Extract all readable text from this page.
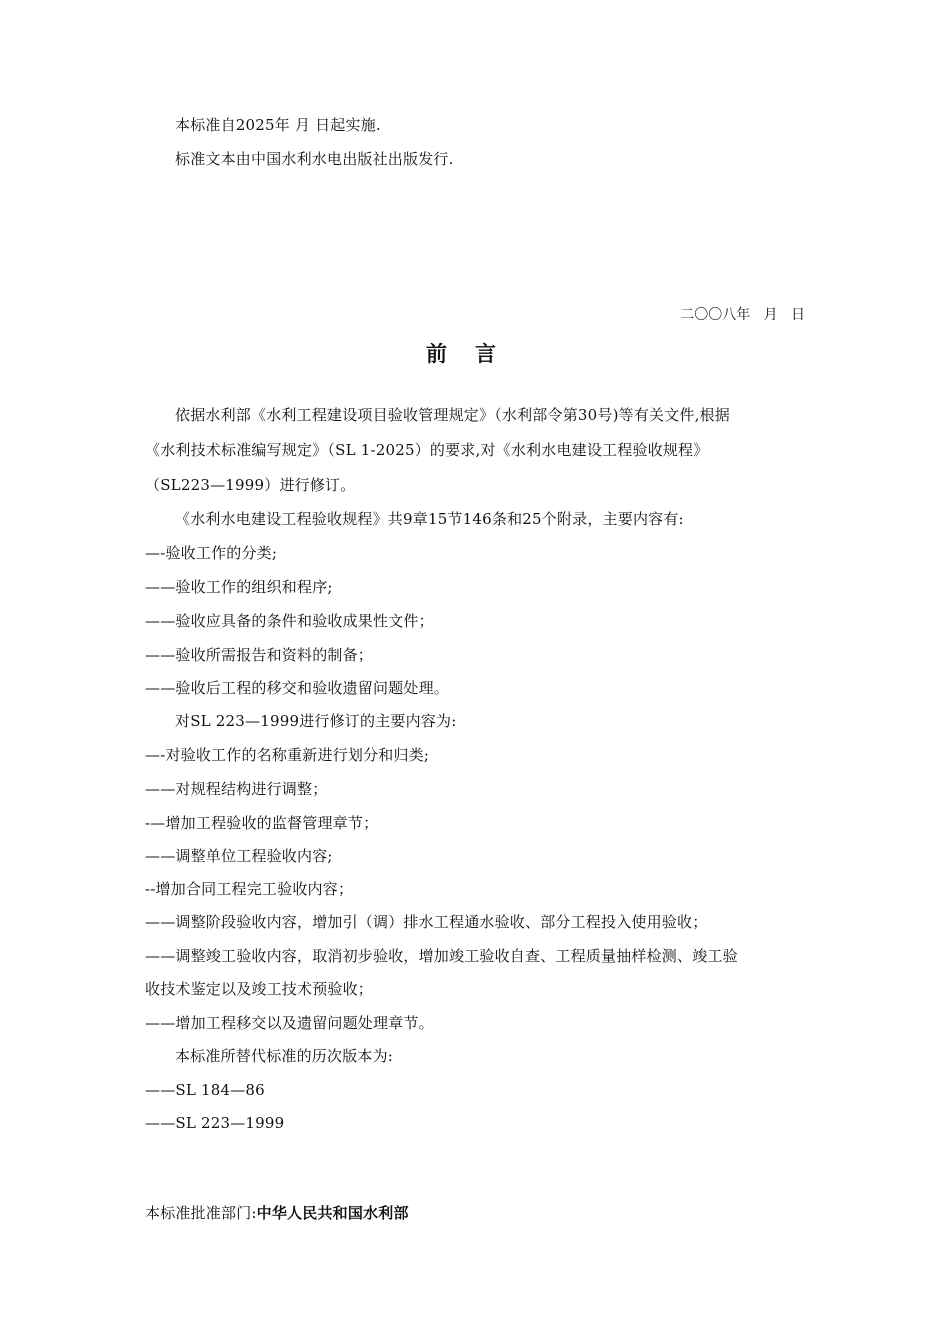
本标准自2025年 月 日起实施.
标准文本由中国水利水电出版社出版发行.
二〇〇八年   月   日
前言
依据水利部《水利工程建设项目验收管理规定》（水利部令第30号)等有关文件,根据
《水利技术标准编写规定》（SL 1-2025）的要求,对《水利水电建设工程验收规程》
（SL223—1999）进行修订。
《水利水电建设工程验收规程》共9章15节146条和25个附录，主要内容有:
—-验收工作的分类;
——验收工作的组织和程序;
——验收应具备的条件和验收成果性文件；
——验收所需报告和资料的制备；
——验收后工程的移交和验收遗留问题处理。
对SL 223—1999进行修订的主要内容为:
—-对验收工作的名称重新进行划分和归类;
——对规程结构进行调整；
-—增加工程验收的监督管理章节；
——调整单位工程验收内容;
--增加合同工程完工验收内容；
——调整阶段验收内容，增加引（调）排水工程通水验收、部分工程投入使用验收；
——调整竣工验收内容，取消初步验收，增加竣工验收自查、工程质量抽样检测、竣工验
收技术鉴定以及竣工技术预验收；
——增加工程移交以及遗留问题处理章节。
本标准所替代标准的历次版本为:
——SL 184—86
——SL 223—1999
本标准批准部门:中华人民共和国水利部
